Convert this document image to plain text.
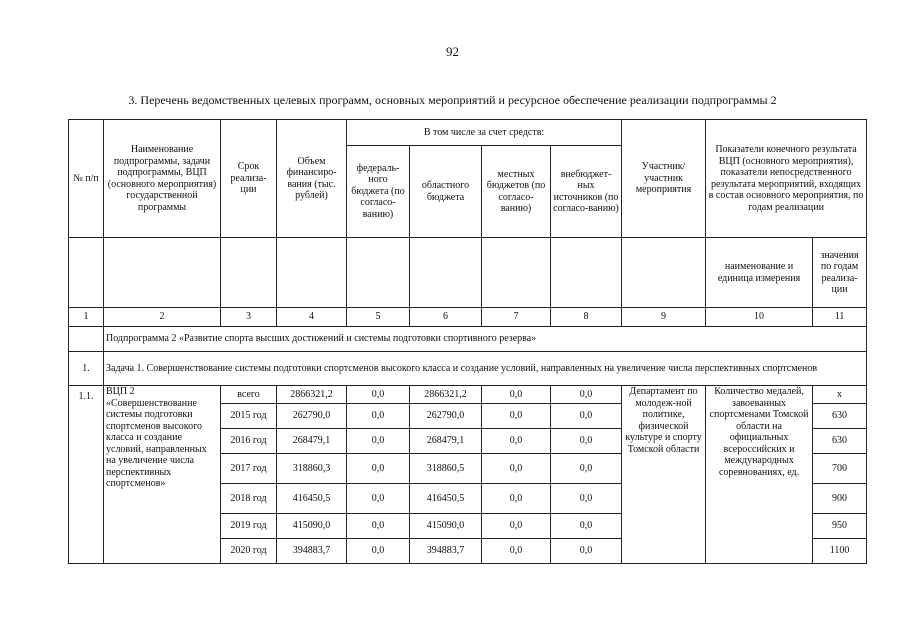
92
3. Перечень ведомственных целевых программ, основных мероприятий и ресурсное обеспечение реализации подпрограммы 2
№ п/п	Наименование подпрограммы, задачи подпрограммы, ВЦП (основного мероприятия) государственной программы	Срок реализа-ции	Объем финансиро-вания (тыс. рублей)	В том числе за счет средств:				Участник/ участник мероприятия	Показатели конечного результата ВЦП (основного мероприятия), показатели непосредственного результата мероприятий, входящих в состав основного мероприятия, по годам реализации	
				федераль-ного бюджета (по согласо-ванию)	областного бюджета	местных бюджетов (по согласо-ванию)	внебюджет-ных источников (по согласо-ванию)			
									наименование и единица измерения	значения по годам реализа-ции
1	2	3	4	5	6	7	8	9	10	11
	Подпрограмма 2 «Развитие спорта высших достижений и системы подготовки спортивного резерва»									
1.	Задача 1. Совершенствование системы подготовки спортсменов высокого класса и создание условий, направленных на увеличение числа перспективных спортсменов									
1.1.	ВЦП 2 «Совершенствование системы подготовки спортсменов высокого класса и создание условий, направленных на увеличение числа перспективных спортсменов»	всего	2866321,2	0,0	2866321,2	0,0	0,0	Департамент по молодеж-ной политике, физической культуре и спорту Томской области	Количество медалей, завоеванных спортсменами Томской области на официальных всероссийских и международных соревнованиях, ед.	х
		2015 год	262790,0	0,0	262790,0	0,0	0,0			630
		2016 год	268479,1	0,0	268479,1	0,0	0,0			630
		2017 год	318860,3	0,0	318860,5	0,0	0,0			700
		2018 год	416450,5	0,0	416450,5	0,0	0,0			900
		2019 год	415090,0	0,0	415090,0	0,0	0,0			950
		2020 год	394883,7	0,0	394883,7	0,0	0,0			1100
